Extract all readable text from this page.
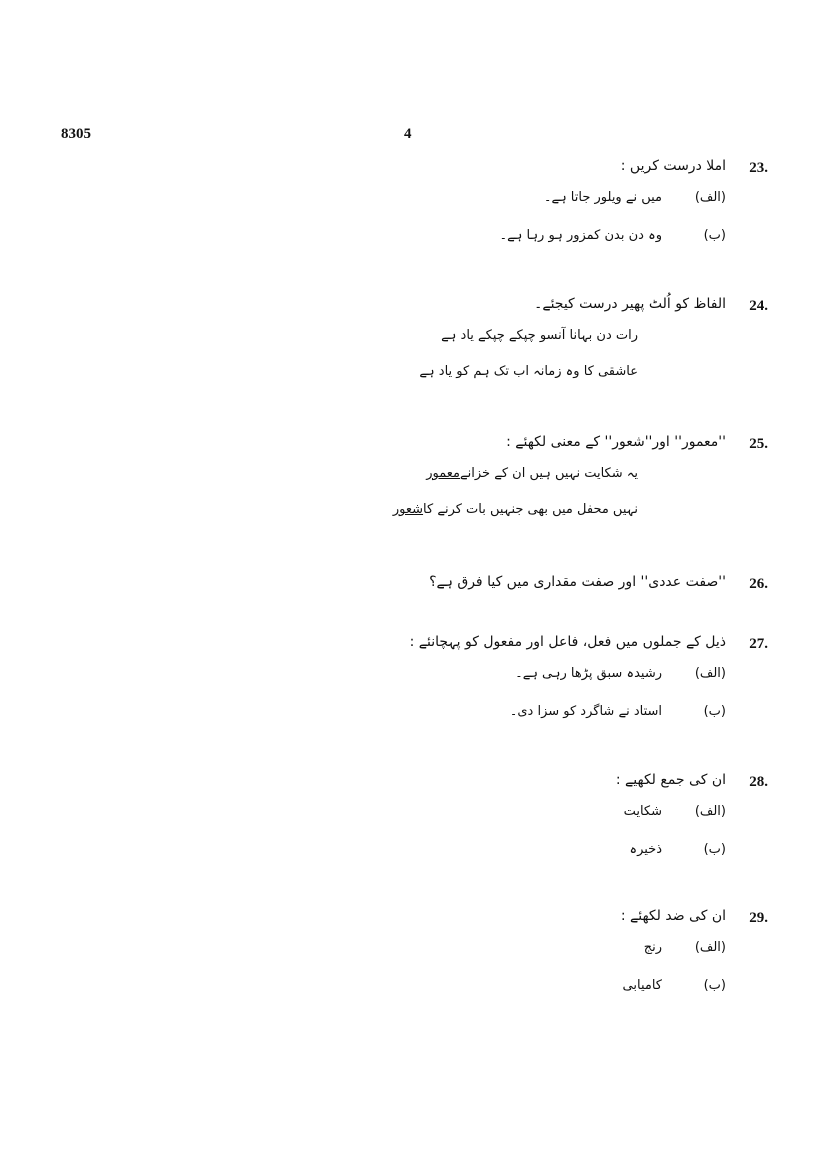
8305	4
23.
املا درست کریں :
(الف)
میں نے ویلور جاتا ہے۔
(ب)
وہ دن بدن کمزور ہو رہا ہے۔
24.
الفاظ کو اُلٹ پھیر درست کیجئے۔
رات دن بہانا آنسو چپکے چپکے یاد ہے
عاشقی کا وہ زمانہ اب تک ہم کو یاد ہے
25.
''معمور'' اور''شعور'' کے معنی لکھئے :
یہ شکایت نہیں ہیں ان کے خزانےمعمور
نہیں محفل میں بھی جنہیں بات کرنے کاشعور
26.
''صفت عددی'' اور صفت مقداری میں کیا فرق ہے؟
27.
ذیل کے جملوں میں فعل، فاعل اور مفعول کو پہچانئے :
(الف)
رشیدہ سبق پڑھا رہی ہے۔
(ب)
استاد نے شاگرد کو سزا دی۔
28.
ان کی جمع لکھیے :
(الف)
شکایت
(ب)
ذخیرہ
29.
ان کی ضد لکھئے :
(الف)
رنج
(ب)
کامیابی
